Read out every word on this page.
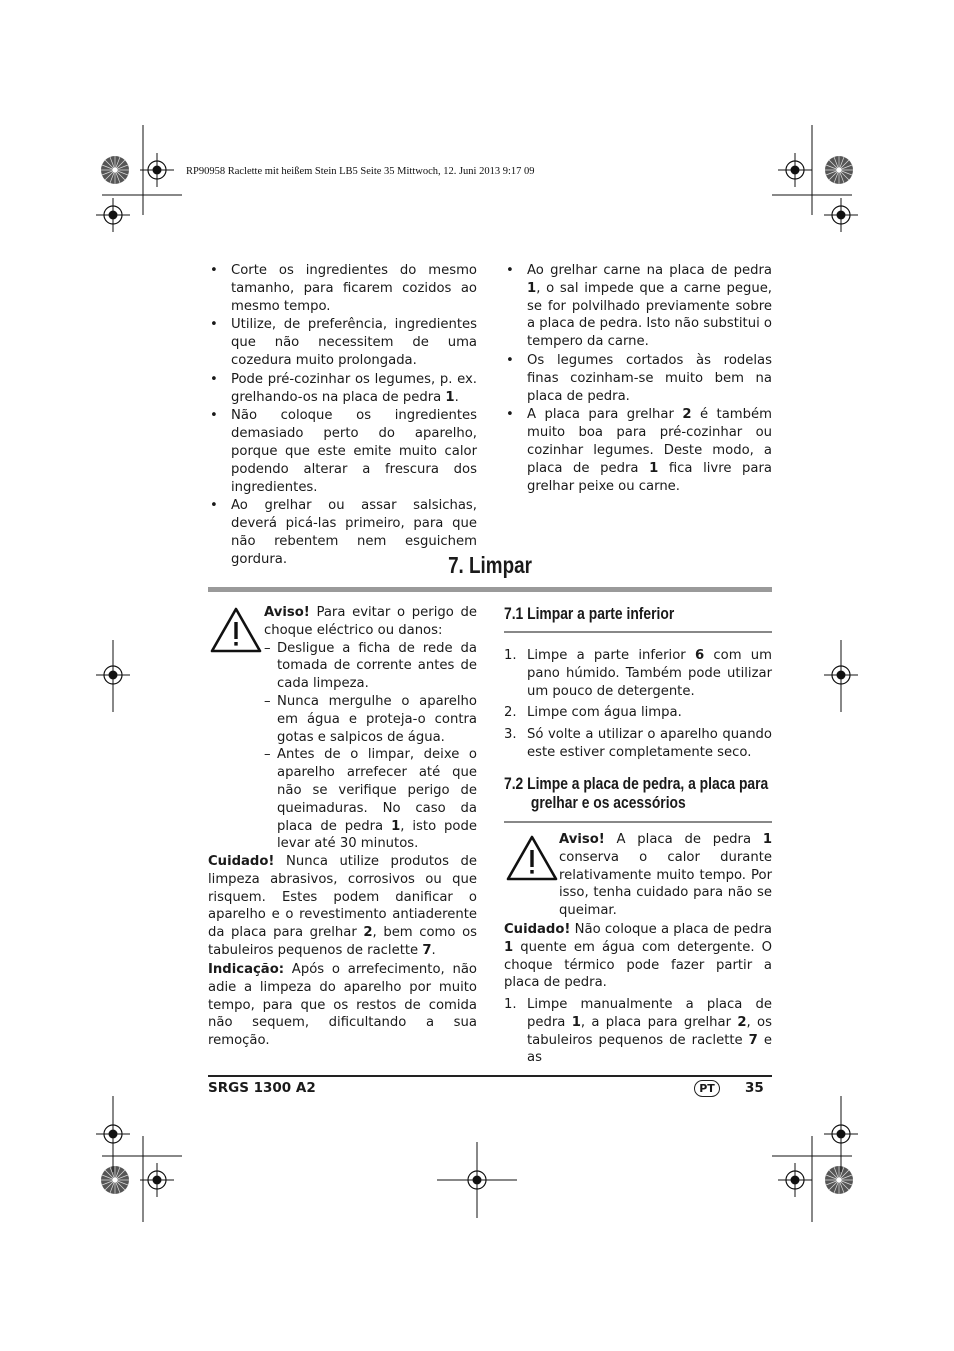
RP90958 Raclette mit heißem Stein LB5 Seite 35 Mittwoch, 12. Juni 2013 9:17 09
• Corte os ingredientes do mesmo tamanho, para ficarem cozidos ao mesmo tempo.
• Utilize, de preferência, ingredientes que não necessitem de uma cozedura muito prolongada.
• Pode pré-cozinhar os legumes, p. ex. grelhando-os na placa de pedra 1.
• Não coloque os ingredientes demasiado perto do aparelho, porque que este emite muito calor podendo alterar a frescura dos ingredientes.
• Ao grelhar ou assar salsichas, deverá picá-las primeiro, para que não rebentem nem esguichem gordura.
• Ao grelhar carne na placa de pedra 1, o sal impede que a carne pegue, se for polvilhado previamente sobre a placa de pedra. Isto não substitui o tempero da carne.
• Os legumes cortados às rodelas finas cozinham-se muito bem na placa de pedra.
• A placa para grelhar 2 é também muito boa para pré-cozinhar ou cozinhar legumes. Deste modo, a placa de pedra 1 fica livre para grelhar peixe ou carne.
7. Limpar

Aviso! Para evitar o perigo de choque eléctrico ou danos:

– Desligue a ficha de rede da tomada de corrente antes de cada limpeza.
– Nunca mergulhe o aparelho em água e proteja-o contra gotas e salpicos de água.
– Antes de o limpar, deixe o aparelho arrefecer até que não se verifique perigo de queimaduras. No caso da placa de pedra 1, isto pode levar até 30 minutos.

Cuidado! Nunca utilize produtos de limpeza abrasivos, corrosivos ou que risquem. Estes podem danificar o aparelho e o revestimento antiaderente da placa para grelhar 2, bem como os tabuleiros pequenos de raclette 7.

Indicação: Após o arrefecimento, não adie a limpeza do aparelho por muito tempo, para que os restos de comida não sequem, dificultando a sua remoção.

7.1 Limpar a parte inferior
1. Limpe a parte inferior 6 com um pano húmido. Também pode utilizar um pouco de detergente.
2. Limpe com água limpa.
3. Só volte a utilizar o aparelho quando este estiver completamente seco.
7.2 Limpe a placa de pedra, a placa para
grelhar e os acessórios

Aviso! A placa de pedra 1 conserva o calor durante relativamente muito tempo. Por isso, tenha cuidado para não se queimar.

Cuidado! Não coloque a placa de pedra 1 quente em água com detergente. O choque térmico pode fazer partir a placa de pedra.

1. Limpe manualmente a placa de pedra 1, a placa para grelhar 2, os tabuleiros pequenos de raclette 7 e as
SRGS 1300 A2	PT	35
